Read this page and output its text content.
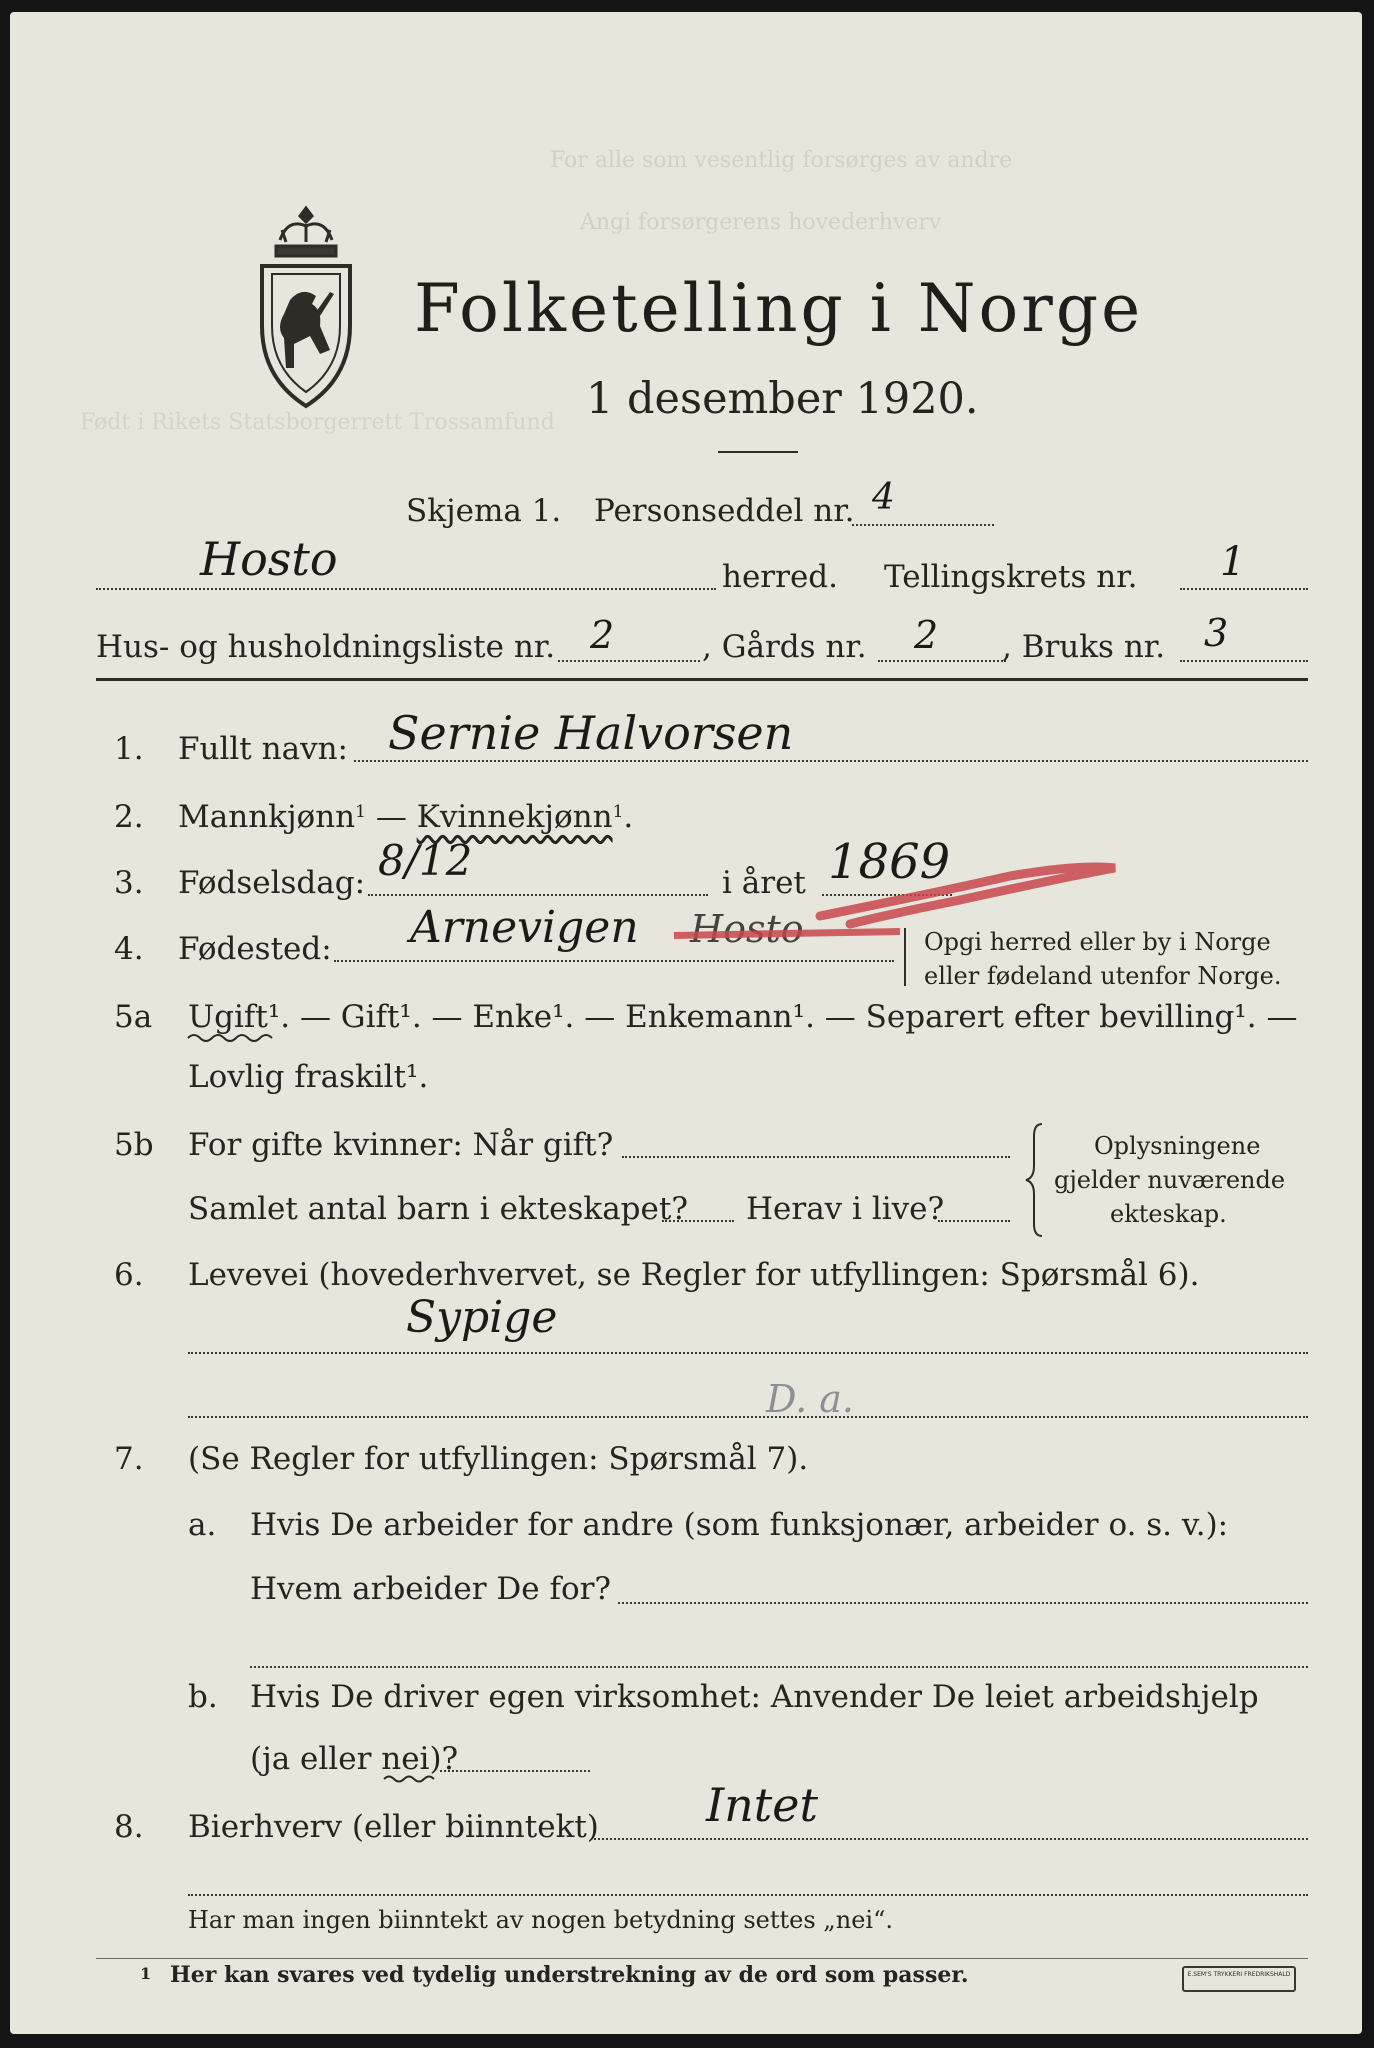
For alle som vesentlig forsørges av andre
Angi forsørgerens hovederhverv
Født i Rikets Statsborgerrett Trossamfund
Folketelling i Norge
1 desember 1920.
Skjema 1. Personseddel nr. 4
Hosto	herred. Tellingskrets nr. 1
Hus- og husholdningsliste nr. 2	, Gårds nr. 2 , Bruks nr. 3
1. Fullt navn: Sernie Halvorsen
2. Mannkjønn$^1$ — Kvinnekjønn$^1$.
3. Fødselsdag: 8/12	i året 1869
4. Fødested: Arnevigen Hosto	Opgi herred eller by i Norge
eller fødeland utenfor Norge.
5a Ugift¹. — Gift¹. — Enke¹. — Enkemann¹. — Separert efter bevilling¹. —
Lovlig fraskilt¹.
5b For gifte kvinner: Når gift?
Samlet antal barn i ekteskapet? Herav i live?
Oplysningene
gjelder nuværende
ekteskap.
6. Levevei (hovederhvervet, se Regler for utfyllingen: Spørsmål 6).
Sypige
D. a.
7. (Se Regler for utfyllingen: Spørsmål 7).
a. Hvis De arbeider for andre (som funksjonær, arbeider o. s. v.):
Hvem arbeider De for?
b. Hvis De driver egen virksomhet: Anvender De leiet arbeidshjelp
(ja eller nei)?
8. Bierhverv (eller biinntekt) Intet
Har man ingen biinntekt av nogen betydning settes „nei“.
1 Her kan svares ved tydelig understrekning av de ord som passer.	E.SEM'S TRYKKERI FREDRIKSHALD
